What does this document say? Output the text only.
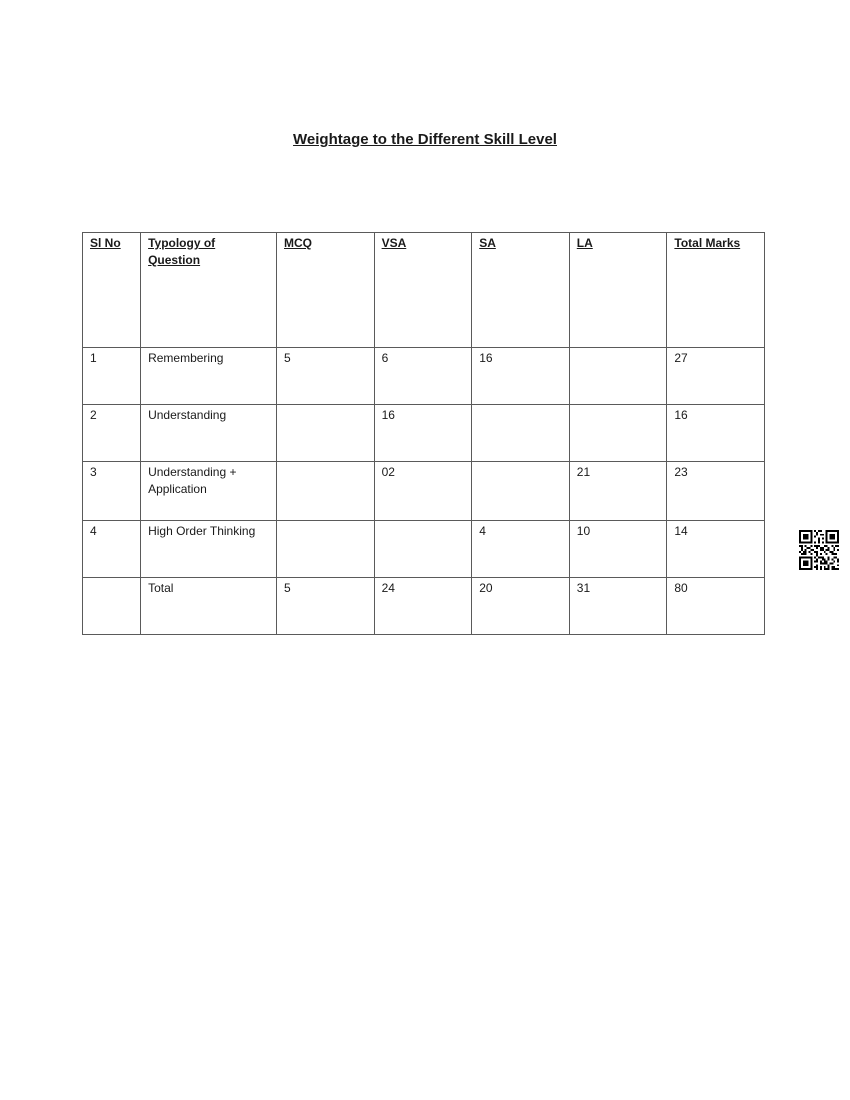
Weightage to the Different Skill Level
Sl No	Typology of Question	MCQ	VSA	SA	LA	Total Marks
1	Remembering	5	6	16		27
2	Understanding		16			16
3	Understanding + Application		02		21	23
4	High Order Thinking			4	10	14
	Total	5	24	20	31	80
